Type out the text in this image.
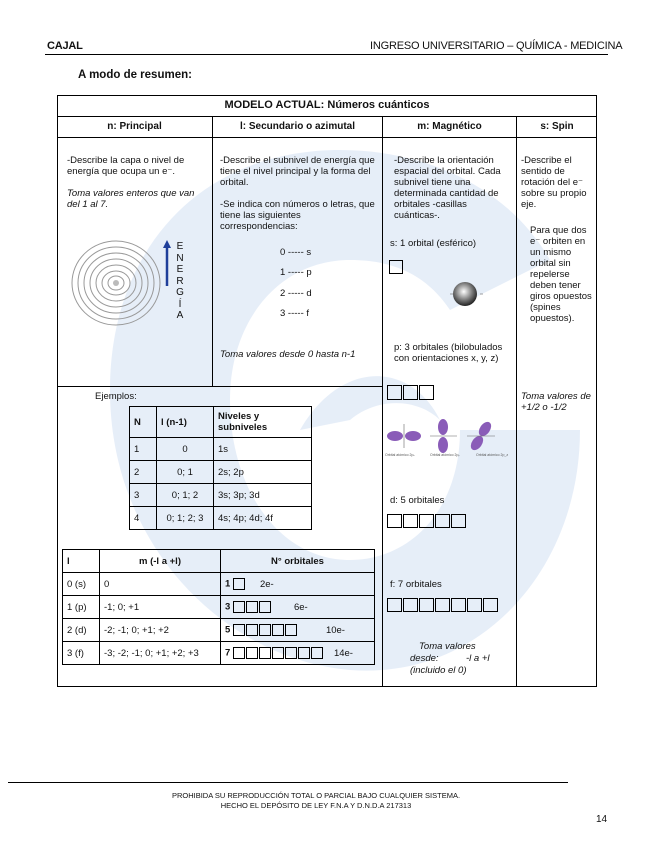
CAJAL	INGRESO UNIVERSITARIO – QUÍMICA - MEDICINA
A modo de resumen:
MODELO ACTUAL: Números cuánticos
n: Principal	l: Secundario o azimutal	m: Magnético	s: Spin
-Describe la capa o nivel de energía que ocupa un e⁻.
Toma valores enteros que van del 1 al 7.
E
N
E
R
G
Í
A
-Describe el subnivel de energía que tiene el nivel principal y la forma del orbital.
-Se indica con números o letras, que tiene las siguientes correspondencias:
0 ----- s
1 ----- p
2 ----- d
3 ----- f
Toma valores desde 0 hasta n-1
-Describe la orientación espacial del orbital. Cada subnivel tiene una determinada cantidad de orbitales -casillas cuánticas-.
s: 1 orbital (esférico)
p: 3 orbitales (bilobulados con orientaciones x, y, z)
Orbital atómico 2pₓ	Orbital atómico 2pᵧ	Orbital atómico 2p_z
d: 5 orbitales
f: 7 orbitales
Toma valores
desde:	-l a +l
(incluido el 0)
-Describe el sentido de rotación del e⁻ sobre su propio eje.
Para que dos e⁻ orbiten en un mismo orbital sin repelerse deben tener giros opuestos (spines opuestos).
Toma valores de +1/2 o -1/2
Ejemplos:
N	l (n-1)	Niveles y subniveles
1	0	1s
2	0; 1	2s; 2p
3	0; 1; 2	3s; 3p; 3d
4	0; 1; 2; 3	4s; 4p; 4d; 4f
l	m (-l a +l)	N° orbitales
0 (s)	0	1 2e-
1 (p)	-1; 0; +1	3 6e-
2 (d)	-2; -1; 0; +1; +2	5 10e-
3 (f)	-3; -2; -1; 0; +1; +2; +3	7 14e-
PROHIBIDA SU REPRODUCCIÓN TOTAL O PARCIAL BAJO CUALQUIER SISTEMA.
HECHO EL DEPÓSITO DE LEY F.N.A Y D.N.D.A 217313
14
